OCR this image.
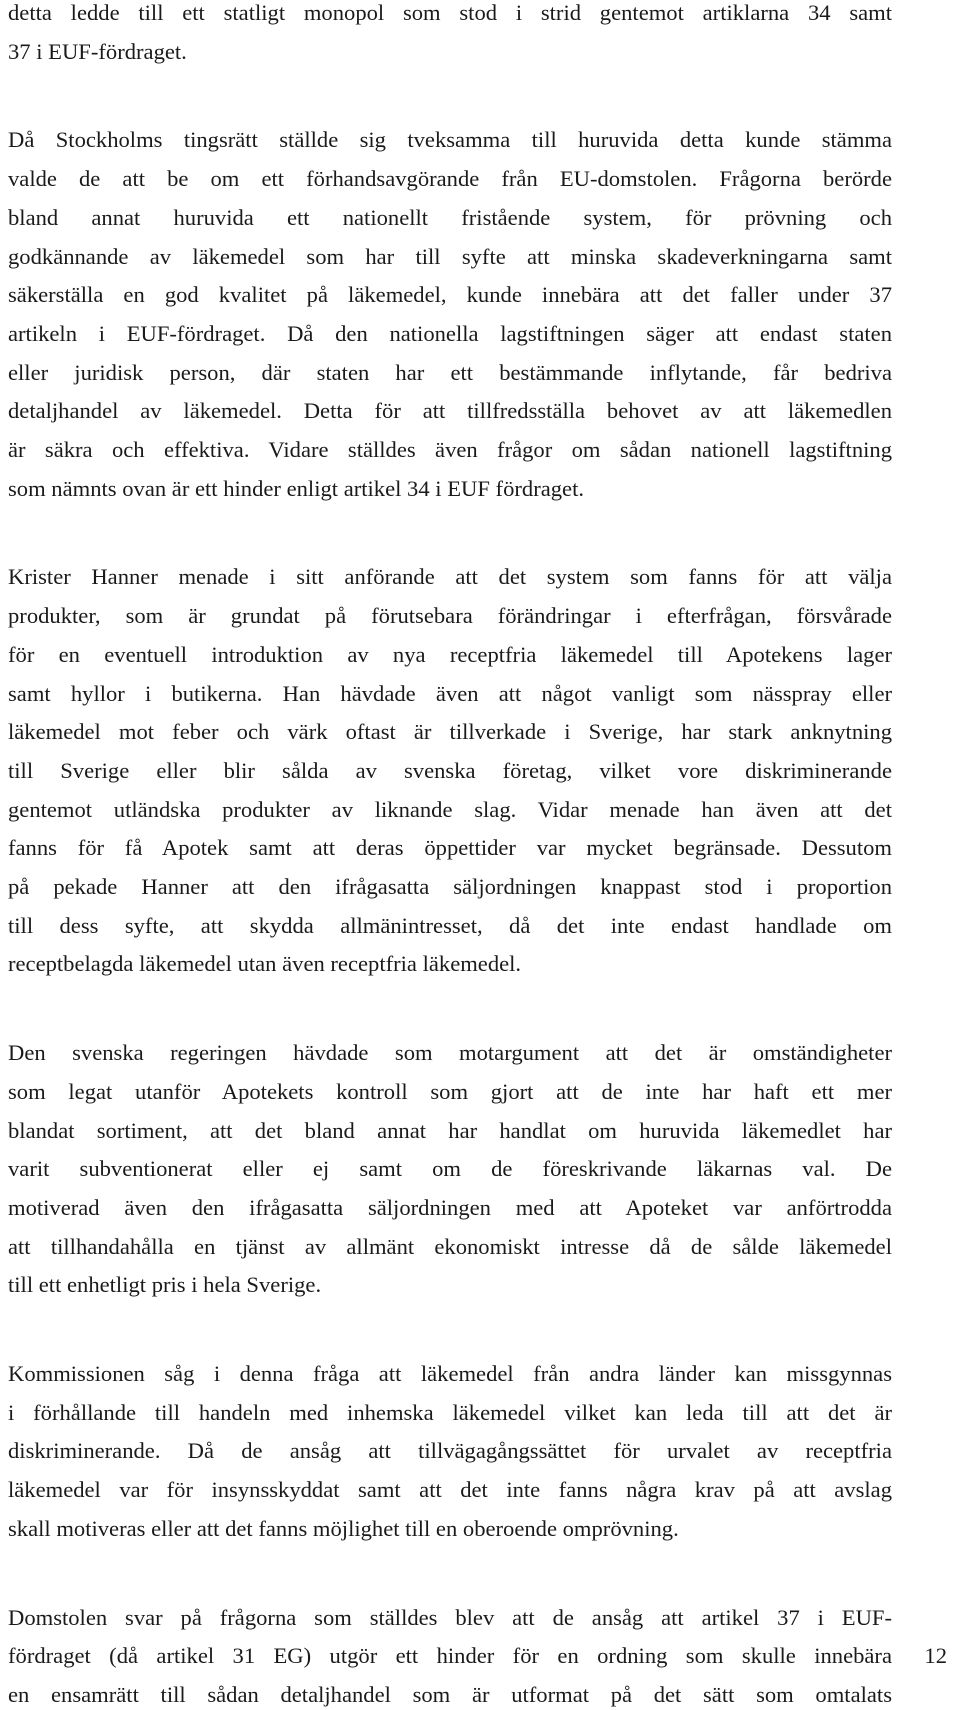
detta ledde till ett statligt monopol som stod i strid gentemot artiklarna 34 samt
37 i EUF-fördraget.
Då Stockholms tingsrätt ställde sig tveksamma till huruvida detta kunde stämma
valde de att be om ett förhandsavgörande från EU-domstolen. Frågorna berörde
bland annat huruvida ett nationellt fristående system, för prövning och
godkännande av läkemedel som har till syfte att minska skadeverkningarna samt
säkerställa en god kvalitet på läkemedel, kunde innebära att det faller under 37
artikeln i EUF-fördraget. Då den nationella lagstiftningen säger att endast staten
eller juridisk person, där staten har ett bestämmande inflytande, får bedriva
detaljhandel av läkemedel. Detta för att tillfredsställa behovet av att läkemedlen
är säkra och effektiva. Vidare ställdes även frågor om sådan nationell lagstiftning
som nämnts ovan är ett hinder enligt artikel 34 i EUF fördraget.
Krister Hanner menade i sitt anförande att det system som fanns för att välja
produkter, som är grundat på förutsebara förändringar i efterfrågan, försvårade
för en eventuell introduktion av nya receptfria läkemedel till Apotekens lager
samt hyllor i butikerna. Han hävdade även att något vanligt som nässpray eller
läkemedel mot feber och värk oftast är tillverkade i Sverige, har stark anknytning
till Sverige eller blir sålda av svenska företag, vilket vore diskriminerande
gentemot utländska produkter av liknande slag. Vidar menade han även att det
fanns för få Apotek samt att deras öppettider var mycket begränsade. Dessutom
på pekade Hanner att den ifrågasatta säljordningen knappast stod i proportion
till dess syfte, att skydda allmänintresset, då det inte endast handlade om
receptbelagda läkemedel utan även receptfria läkemedel.
Den svenska regeringen hävdade som motargument att det är omständigheter
som legat utanför Apotekets kontroll som gjort att de inte har haft ett mer
blandat sortiment, att det bland annat har handlat om huruvida läkemedlet har
varit subventionerat eller ej samt om de föreskrivande läkarnas val. De
motiverad även den ifrågasatta säljordningen med att Apoteket var anförtrodda
att tillhandahålla en tjänst av allmänt ekonomiskt intresse då de sålde läkemedel
till ett enhetligt pris i hela Sverige.
Kommissionen såg i denna fråga att läkemedel från andra länder kan missgynnas
i förhållande till handeln med inhemska läkemedel vilket kan leda till att det är
diskriminerande. Då de ansåg att tillvägagångssättet för urvalet av receptfria
läkemedel var för insynsskyddat samt att det inte fanns några krav på att avslag
skall motiveras eller att det fanns möjlighet till en oberoende omprövning.
Domstolen svar på frågorna som ställdes blev att de ansåg att artikel 37 i EUF-
fördraget (då artikel 31 EG) utgör ett hinder för en ordning som skulle innebära
en ensamrätt till sådan detaljhandel som är utformat på det sätt som omtalats
12
